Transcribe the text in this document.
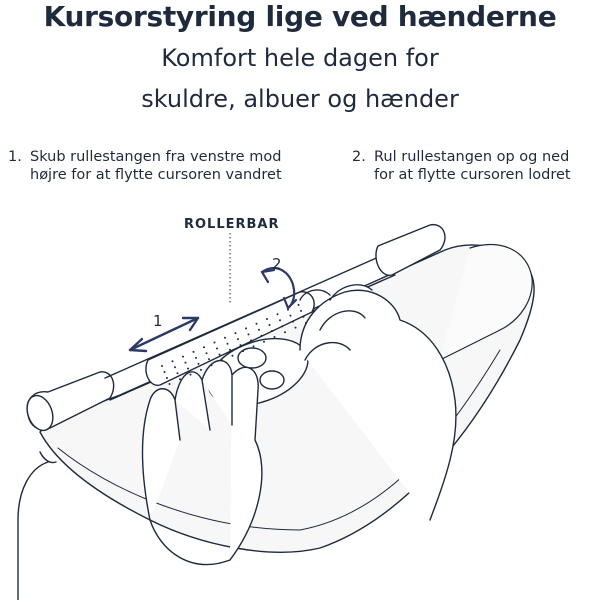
Kursorstyring lige ved hænderne
Komfort hele dagen for
skuldre, albuer og hænder
1. Skub rullestangen fra venstre mod
højre for at flytte cursoren vandret
2. Rul rullestangen op og ned
for at flytte cursoren lodret
ROLLERBAR
1
2
